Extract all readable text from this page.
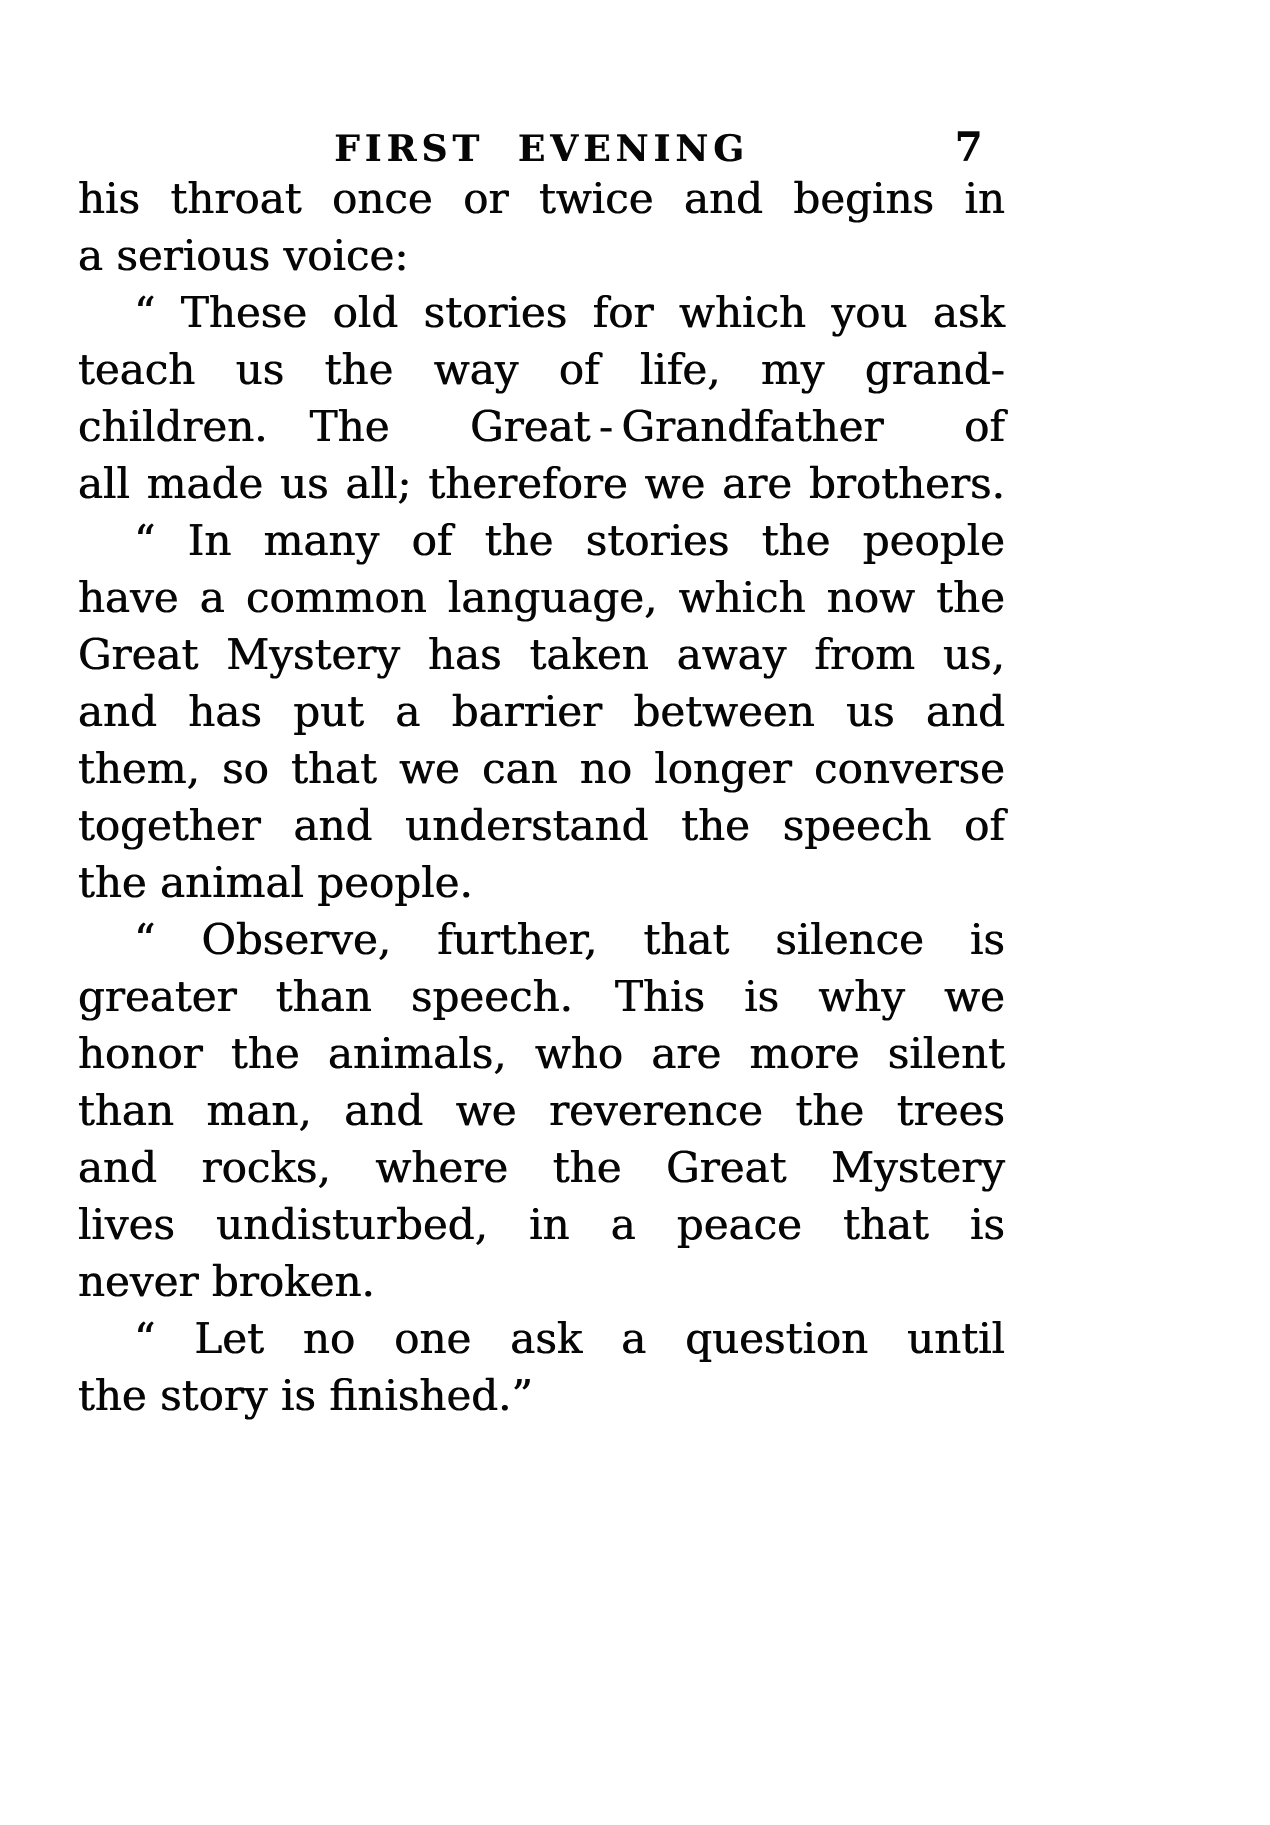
FIRST EVENING	7
his throat once or twice and begins in
a serious voice:
“ These old stories for which you ask
teach us the way of life, my grand-
children. The Great - Grandfather of
all made us all; therefore we are brothers.
“ In many of the stories the people
have a common language, which now the
Great Mystery has taken away from us,
and has put a barrier between us and
them, so that we can no longer converse
together and understand the speech of
the animal people.
“ Observe, further, that silence is
greater than speech. This is why we
honor the animals, who are more silent
than man, and we reverence the trees
and rocks, where the Great Mystery
lives undisturbed, in a peace that is
never broken.
“ Let no one ask a question until
the story is finished.”
